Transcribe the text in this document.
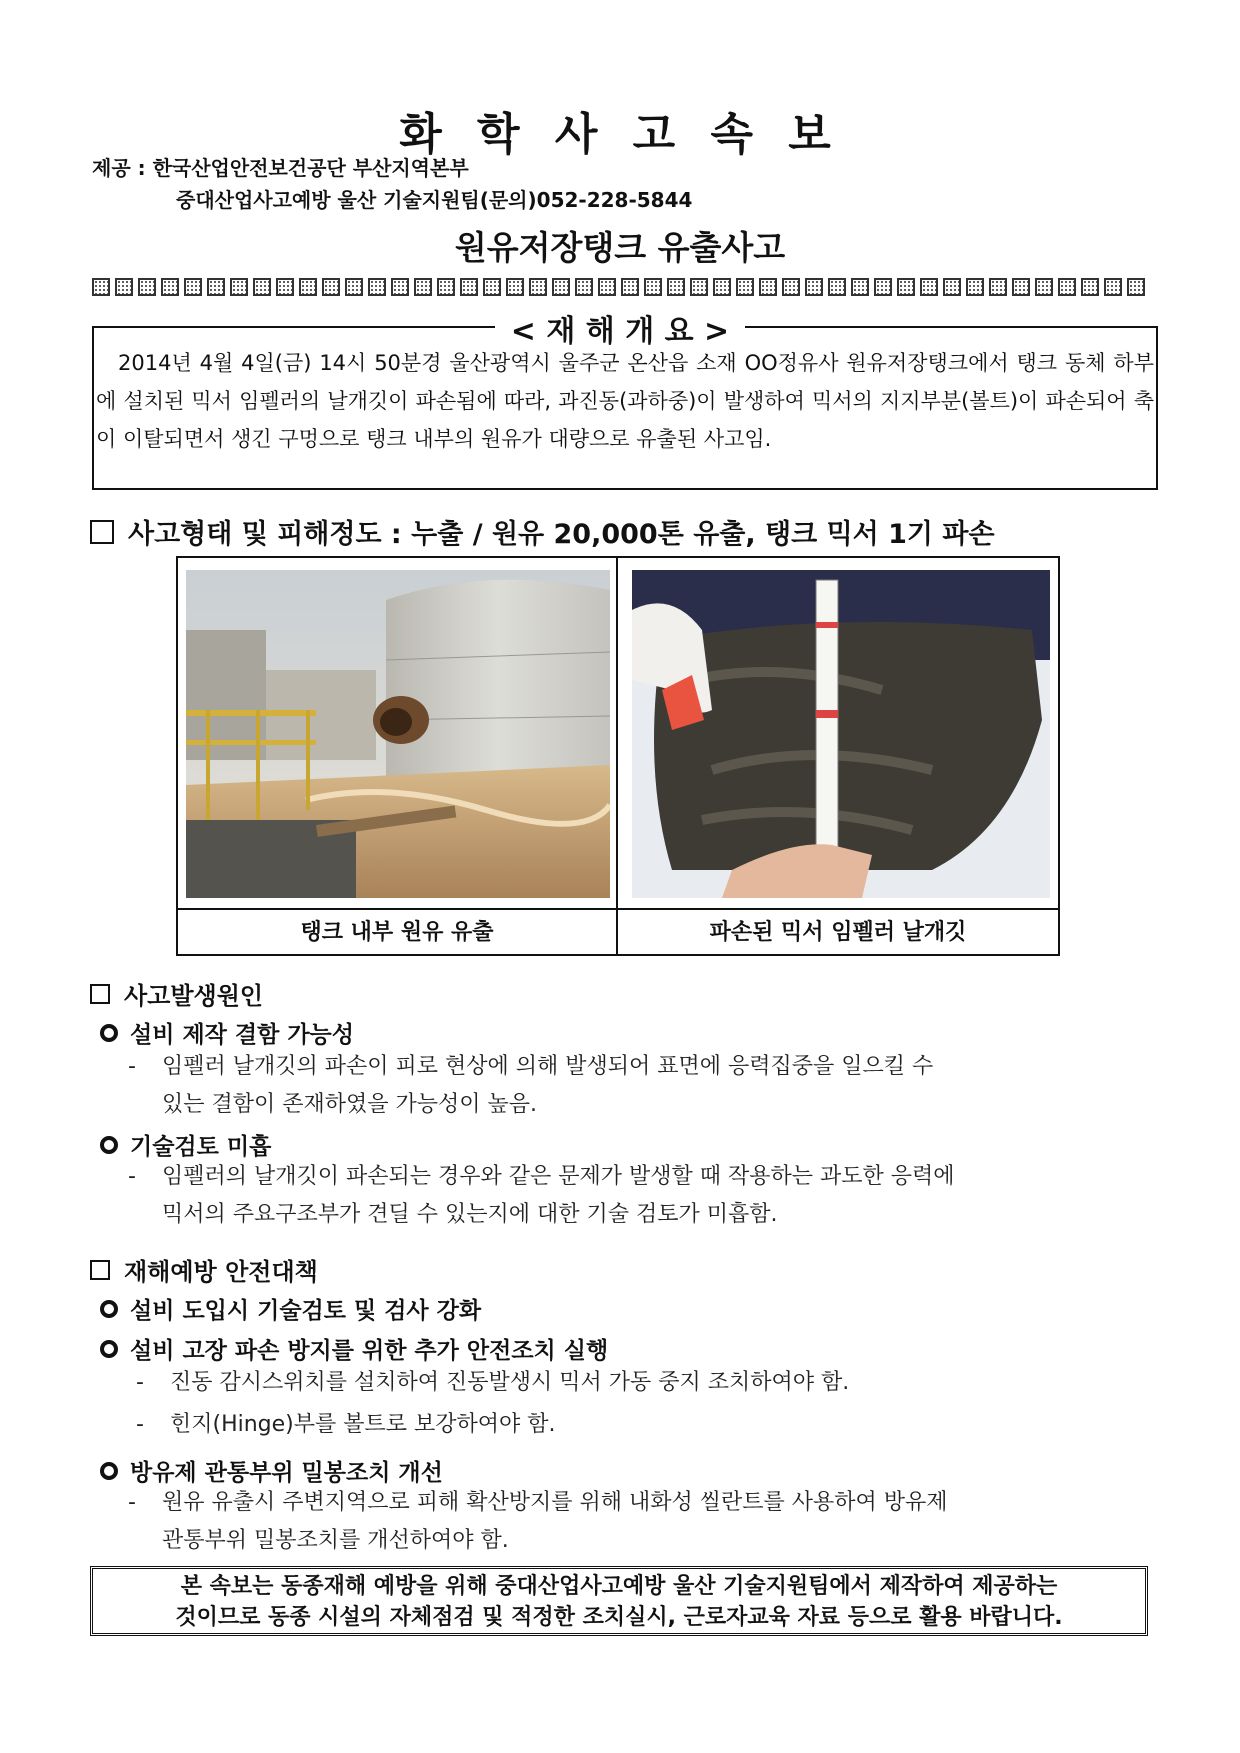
화 학 사 고 속 보
제공 : 한국산업안전보건공단 부산지역본부
중대산업사고예방 울산 기술지원팀(문의)052-228-5844
원유저장탱크 유출사고
< 재 해 개 요 >
2014년 4월 4일(금) 14시 50분경 울산광역시 울주군 온산읍 소재 OO정유사 원유저장탱크에서 탱크 동체 하부에 설치된 믹서 임펠러의 날개깃이 파손됨에 따라, 과진동(과하중)이 발생하여 믹서의 지지부분(볼트)이 파손되어 축이 이탈되면서 생긴 구멍으로 탱크 내부의 원유가 대량으로 유출된 사고임.
사고형태 및 피해정도 : 누출 / 원유 20,000톤 유출, 탱크 믹서 1기 파손
탱크 내부 원유 유출	파손된 믹서 임펠러 날개깃
사고발생원인
설비 제작 결함 가능성
- 임펠러 날개깃의 파손이 피로 현상에 의해 발생되어 표면에 응력집중을 일으킬 수
있는 결함이 존재하였을 가능성이 높음.
기술검토 미흡
- 임펠러의 날개깃이 파손되는 경우와 같은 문제가 발생할 때 작용하는 과도한 응력에
믹서의 주요구조부가 견딜 수 있는지에 대한 기술 검토가 미흡함.
재해예방 안전대책
설비 도입시 기술검토 및 검사 강화
설비 고장 파손 방지를 위한 추가 안전조치 실행
- 진동 감시스위치를 설치하여 진동발생시 믹서 가동 중지 조치하여야 함.
- 힌지(Hinge)부를 볼트로 보강하여야 함.
방유제 관통부위 밀봉조치 개선
- 원유 유출시 주변지역으로 피해 확산방지를 위해 내화성 씰란트를 사용하여 방유제
관통부위 밀봉조치를 개선하여야 함.
본 속보는 동종재해 예방을 위해 중대산업사고예방 울산 기술지원팀에서 제작하여 제공하는
것이므로 동종 시설의 자체점검 및 적정한 조치실시, 근로자교육 자료 등으로 활용 바랍니다.
